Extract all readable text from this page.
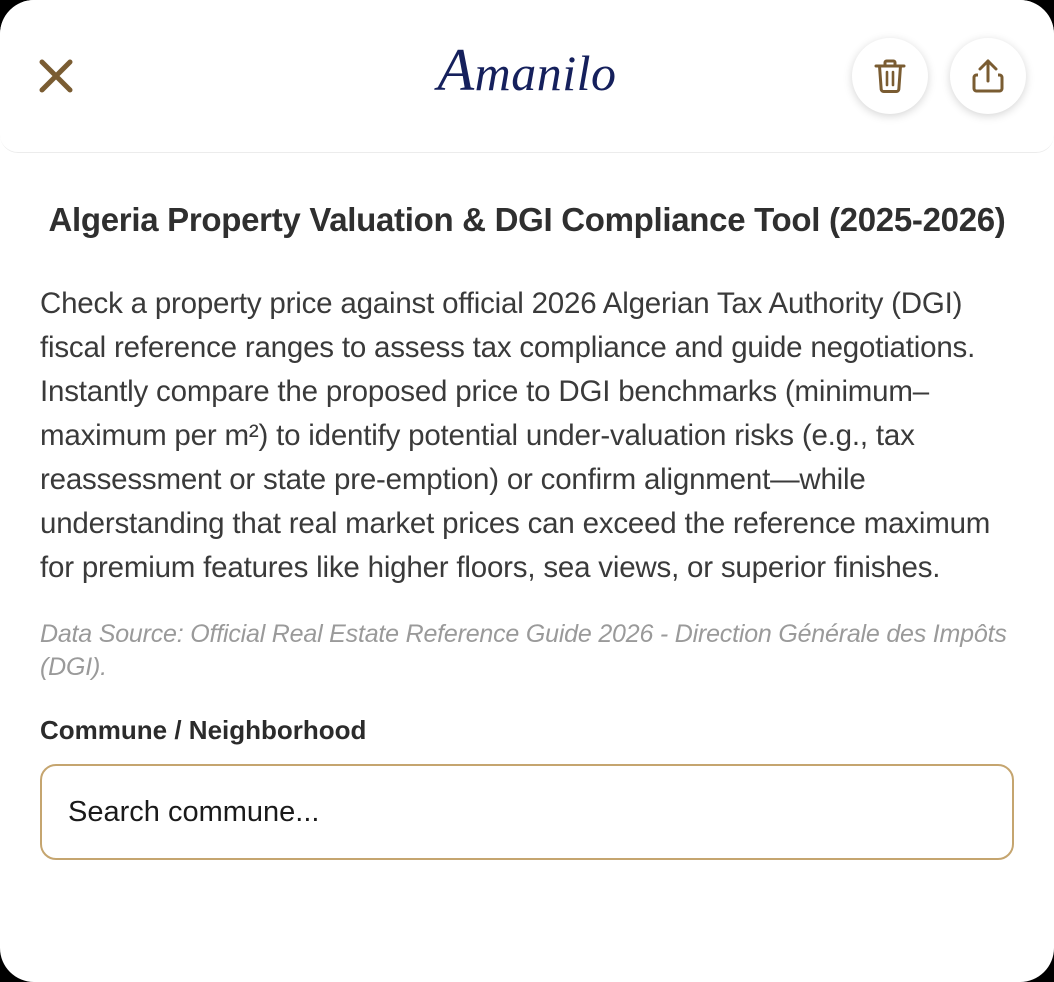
Amanilo
Algeria Property Valuation & DGI Compliance Tool (2025-2026)

Check a property price against official 2026 Algerian Tax Authority (DGI) fiscal reference ranges to assess tax compliance and guide negotiations. Instantly compare the proposed price to DGI benchmarks (minimum–maximum per m²) to identify potential under-valuation risks (e.g., tax reassessment or state pre-emption) or confirm alignment—while understanding that real market prices can exceed the reference maximum for premium features like higher floors, sea views, or superior finishes.

Data Source: Official Real Estate Reference Guide 2026 - Direction Générale des Impôts (DGI).

Commune / Neighborhood
Search commune...
